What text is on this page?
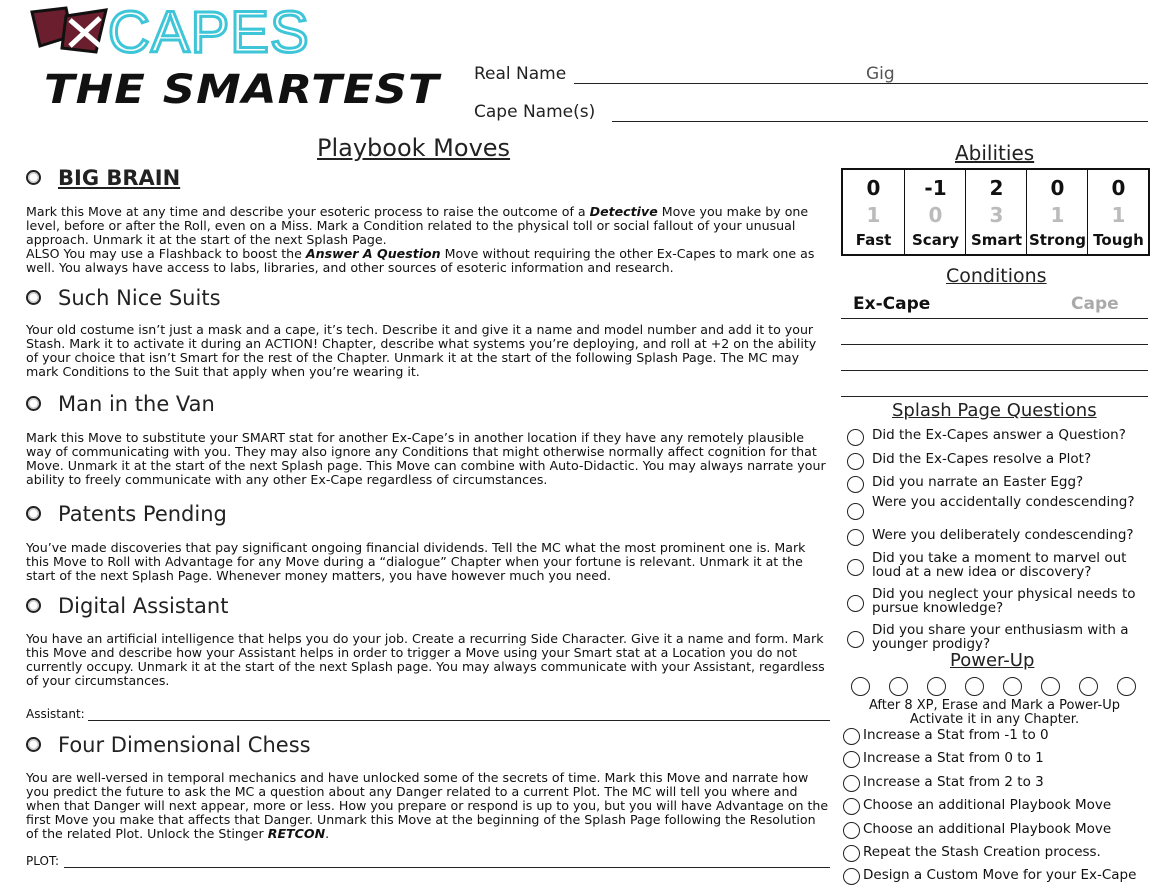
CAPES
THE SMARTEST Real Name	Gig
Cape Name(s)
Playbook Moves
BIG BRAIN
Mark this Move at any time and describe your esoteric process to raise the outcome of a Detective Move you make by one level, before or after the Roll, even on a Miss. Mark a Condition related to the physical toll or social fallout of your unusual approach. Unmark it at the start of the next Splash Page.
ALSO You may use a Flashback to boost the Answer A Question Move without requiring the other Ex-Capes to mark one as well. You always have access to labs, libraries, and other sources of esoteric information and research.
Such Nice Suits
Your old costume isn’t just a mask and a cape, it’s tech. Describe it and give it a name and model number and add it to your Stash. Mark it to activate it during an ACTION! Chapter, describe what systems you’re deploying, and roll at +2 on the ability of your choice that isn’t Smart for the rest of the Chapter. Unmark it at the start of the following Splash Page. The MC may mark Conditions to the Suit that apply when you’re wearing it.
Man in the Van
Mark this Move to substitute your SMART stat for another Ex-Cape’s in another location if they have any remotely plausible way of communicating with you. They may also ignore any Conditions that might otherwise normally affect cognition for that Move. Unmark it at the start of the next Splash page. This Move can combine with Auto-Didactic. You may always narrate your ability to freely communicate with any other Ex-Cape regardless of circumstances.
Patents Pending
You’ve made discoveries that pay significant ongoing financial dividends. Tell the MC what the most prominent one is. Mark this Move to Roll with Advantage for any Move during a “dialogue” Chapter when your fortune is relevant. Unmark it at the start of the next Splash Page. Whenever money matters, you have however much you need.
Digital Assistant
You have an artificial intelligence that helps you do your job. Create a recurring Side Character. Give it a name and form. Mark this Move and describe how your Assistant helps in order to trigger a Move using your Smart stat at a Location you do not currently occupy. Unmark it at the start of the next Splash page. You may always communicate with your Assistant, regardless of your circumstances.
Assistant:
Four Dimensional Chess
You are well-versed in temporal mechanics and have unlocked some of the secrets of time. Mark this Move and narrate how you predict the future to ask the MC a question about any Danger related to a current Plot. The MC will tell you where and when that Danger will next appear, more or less. How you prepare or respond is up to you, but you will have Advantage on the first Move you make that affects that Danger. Unmark this Move at the beginning of the Splash Page following the Resolution of the related Plot. Unlock the Stinger RETCON.
PLOT:
Abilities
0
1
Fast
-1
0
Scary
2
3
Smart
0
1
Strong
0
1
Tough
Conditions
Ex-Cape	Cape
Splash Page Questions
Did the Ex-Capes answer a Question?
Did the Ex-Capes resolve a Plot?
Did you narrate an Easter Egg?
Were you accidentally condescending?
Were you deliberately condescending?
Did you take a moment to marvel out loud at a new idea or discovery?
Did you neglect your physical needs to pursue knowledge?
Did you share your enthusiasm with a younger prodigy?
Power-Up
After 8 XP, Erase and Mark a Power-Up
Activate it in any Chapter.
Increase a Stat from -1 to 0
Increase a Stat from 0 to 1
Increase a Stat from 2 to 3
Choose an additional Playbook Move
Choose an additional Playbook Move
Repeat the Stash Creation process.
Design a Custom Move for your Ex-Cape
